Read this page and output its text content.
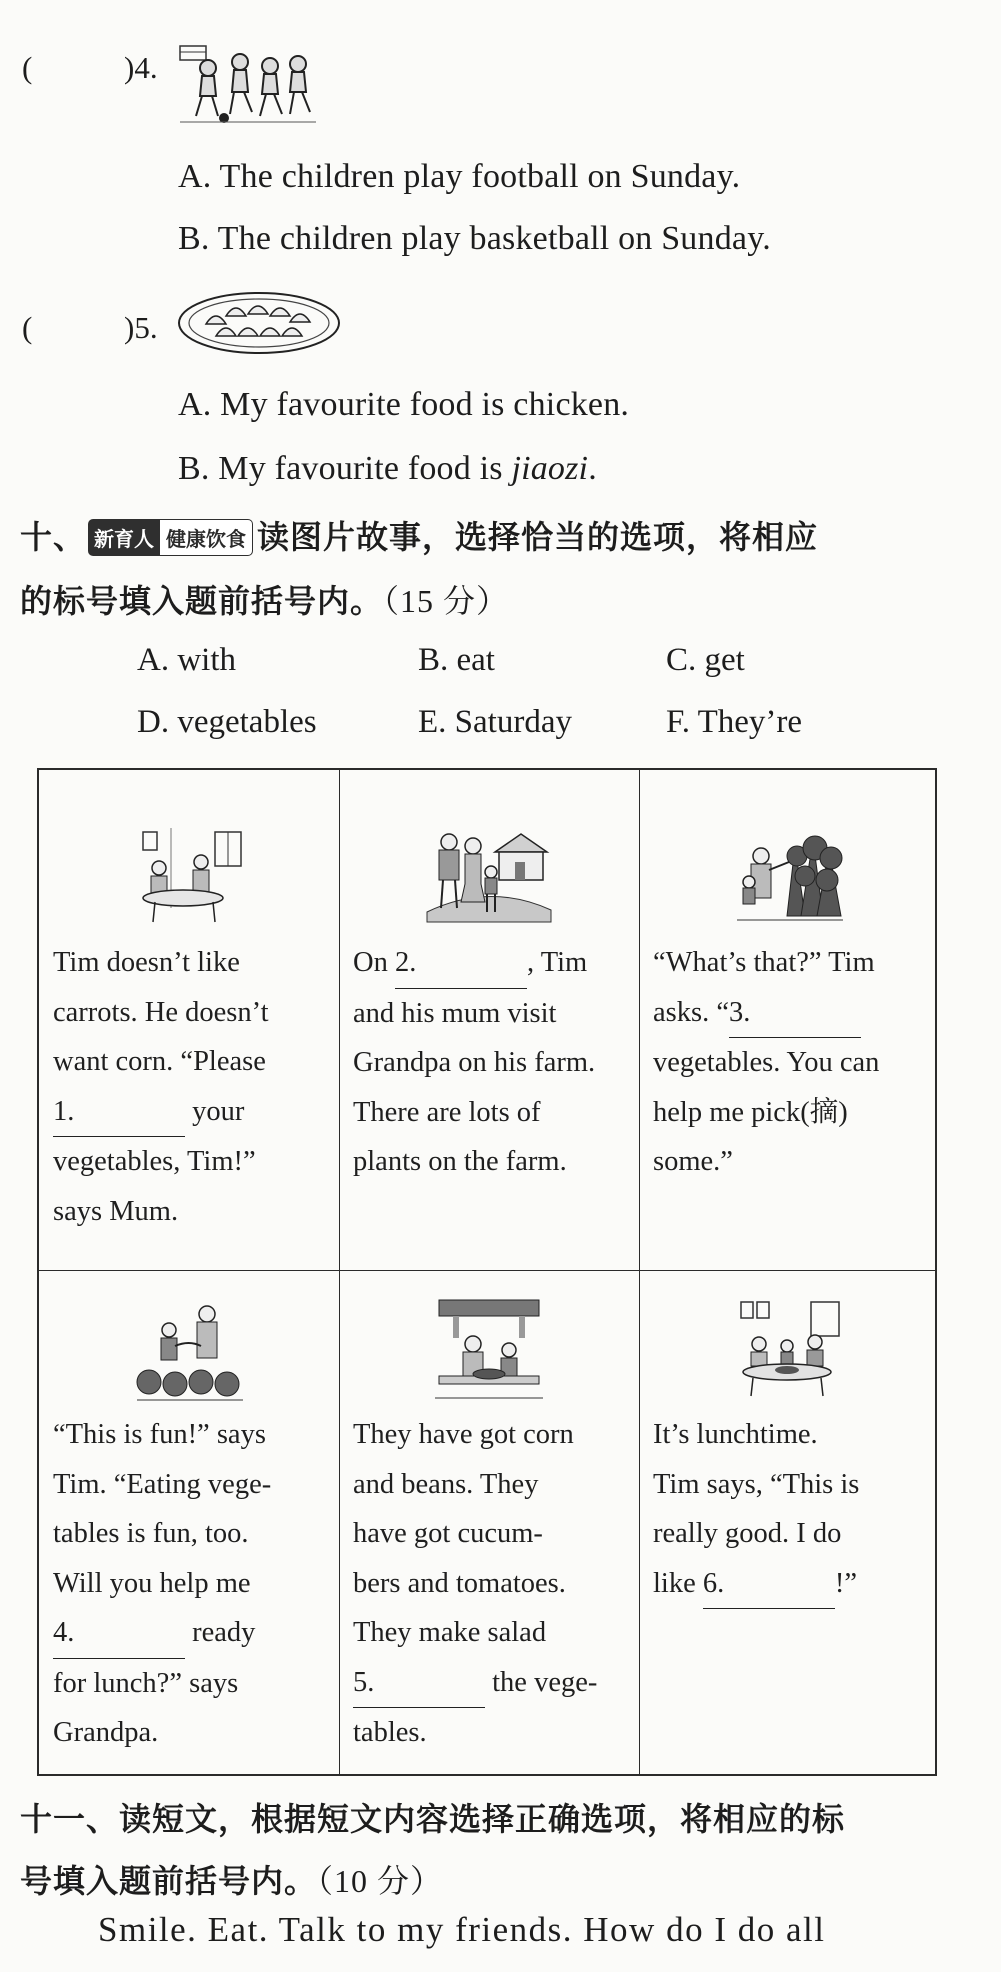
(	)4.
A. The children play football on Sunday.
B. The children play basketball on Sunday.
(	)5.
A. My favourite food is chicken.
B. My favourite food is jiaozi.
十、 新育人 健康饮食 读图片故事，选择恰当的选项，将相应
的标号填入题前括号内。（15 分）
A. with	B. eat	C. get
D. vegetables	E. Saturday	F. They’re
Tim doesn’t like
carrots. He doesn’t
want corn. “Please
1.	your
vegetables, Tim!”
says Mum.
On 2.	, Tim
and his mum visit
Grandpa on his farm.
There are lots of
plants on the farm.
“What’s that?” Tim
asks. “3.
vegetables. You can
help me pick(摘)
some.”
“This is fun!” says
Tim. “Eating vege-
tables is fun, too.
Will you help me
4.	ready
for lunch?” says
Grandpa.
They have got corn
and beans. They
have got cucum-
bers and tomatoes.
They make salad
5.	the vege-
tables.
It’s lunchtime.
Tim says, “This is
really good. I do
like 6.	!”
十一、读短文，根据短文内容选择正确选项，将相应的标
号填入题前括号内。（10 分）
Smile. Eat. Talk to my friends. How do I do all
